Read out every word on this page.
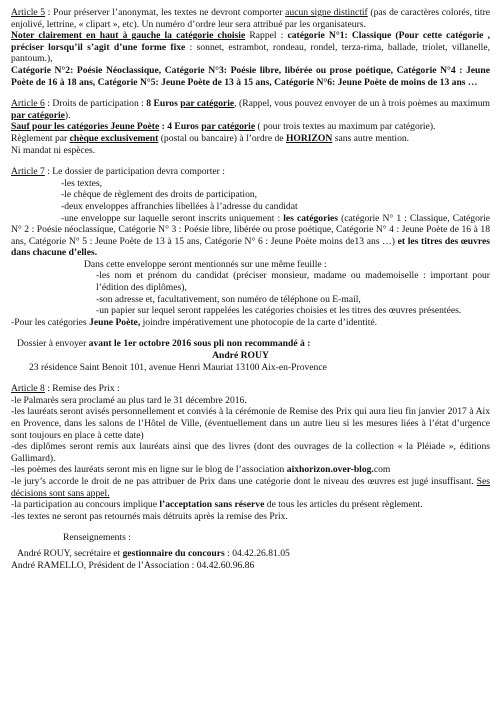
Article 5 : Pour préserver l’anonymat, les textes ne devront comporter aucun signe distinctif (pas de caractères colorés, titre enjolivé, lettrine, « clipart », etc). Un numéro d’ordre leur sera attribué par les organisateurs.
Noter clairement en haut à gauche la catégorie choisie Rappel : catégorie N°1: Classique (Pour cette catégorie , préciser lorsqu’il s’agit d’une forme fixe : sonnet, estrambot, rondeau, rondel, terza-rima, ballade, triolet, villanelle, pantoum.),
Catégorie N°2: Poésie Néoclassique, Catégorie N°3: Poésie libre, libérée ou prose poétique, Catégorie N°4 : Jeune Poète de 16 à 18 ans, Catégorie N°5: Jeune Poète de 13 à 15 ans, Catégorie N°6: Jeune Poète de moins de 13 ans …

Article 6 : Droits de participation : 8 Euros par catégorie, (Rappel, vous pouvez envoyer de un à trois poèmes au maximum par catégorie).
Sauf pour les catégories Jeune Poète : 4 Euros par catégorie ( pour trois textes au maximum par catégorie).
Règlement par chèque exclusivement (postal ou bancaire) à l’ordre de HORIZON sans autre mention.
Ni mandat ni espèces.

Article 7 : Le dossier de participation devra comporter :

-les textes,

-le chèque de règlement des droits de participation,

-deux enveloppes affranchies libellées à l’adresse du candidat

-une enveloppe sur laquelle seront inscrits uniquement : les catégories (catégorie N° 1 : Classique, Catégorie N° 2 : Poésie néoclassique, Catégorie N° 3 : Poésie libre, libérée ou prose poétique, Catégorie N° 4 : Jeune Poète de 16 à 18 ans, Catégorie N° 5 : Jeune Poète de 13 à 15 ans, Catégorie N° 6 : Jeune Poète moins de13 ans …) et les titres des œuvres dans chacune d’elles.

Dans cette enveloppe seront mentionnés sur une même feuille :

-les nom et prénom du candidat (préciser monsieur, madame ou mademoiselle : important pour l’édition des diplômes),

-son adresse et, facultativement, son numéro de téléphone ou E-mail,

-un papier sur lequel seront rappelées les catégories choisies et les titres des œuvres présentées.

-Pour les catégories Jeune Poète, joindre impérativement une photocopie de la carte d’identité.

Dossier à envoyer avant le 1er octobre 2016 sous pli non recommandé à :

André ROUY

23 résidence Saint Benoit 101, avenue Henri Mauriat 13100 Aix-en-Provence

Article 8 : Remise des Prix :

-le Palmarès sera proclamé au plus tard le 31 décembre 2016.

-les lauréats seront avisés personnellement et conviés à la cérémonie de Remise des Prix qui aura lieu fin janvier 2017 à Aix en Provence, dans les salons de l’Hôtel de Ville, (éventuellement dans un autre lieu si les mesures liées à l’état d’urgence sont toujours en place à cette date)

-des diplômes seront remis aux lauréats ainsi que des livres (dont des ouvrages de la collection « la Pléiade », éditions Gallimard).

-les poèmes des lauréats seront mis en ligne sur le blog de l’association aixhorizon.over-blog.com

-le jury’s accorde le droit de ne pas attribuer de Prix dans une catégorie dont le niveau des œuvres est jugé insuffisant. Ses décisions sont sans appel.

-la participation au concours implique l’acceptation sans réserve de tous les articles du présent règlement.

-les textes ne seront pas retournés mais détruits après la remise des Prix.

Renseignements :

André ROUY, secrétaire et gestionnaire du concours : 04.42.26.81.05

André RAMELLO, Président de l’Association : 04.42.60.96.86
